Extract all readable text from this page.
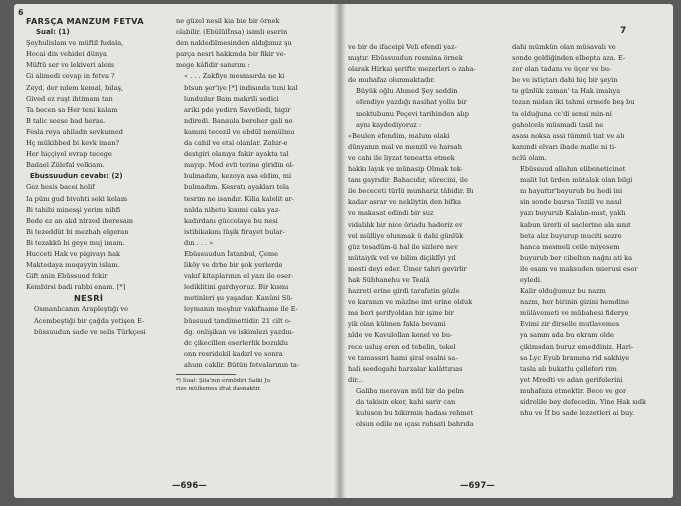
6
FARSÇA MANZUM FETVA
Sual: (1)
Şeyhulislam ve müftil fudala,
Hocai din vehidei dünya
Müftü ser ve lekiveri alem
Gi alimedi cevap in fetva ?
Zeyd, der nılem kemal, bilaş,
Gived ez ruşt ihtimam tan
Ta becen sa Her teni kalam
B talic seese bad heras.
Fesla reya ahiladn sevkumed
Hç mükibbed bi kevk iman?
Her hiççiyel evrap tecege
Badael Zülefal velkiam.
Ebussuudun cevabı: (2)
Gez hesis bacei holif
Ia pünı gud bivahti seki kelam
Bi tahibi minesşi yerim nihfi
Bede ez an akd nirzed iberesam
Bi tezeddüt bi mezhah elgeran
Bi tezakkü bi geye muj imam.
Hucceti Hak ve pigivayı hak
Maktedaya muqayyin islam.
Gift anin Ebüssuud fckir
Kembirsi badi rabbi enam. [*]
NESRİ
Osmanlıcanın Arapleştığı ve
Acembeştiği bir çağda yetişen E-
büssuudun sade ve selis Türkçesi
ne güzel nesil kia bie bir örnek
olabilir. (Ebülülİnsa) isimli eserin
den nakledilmesinden aldığımız şu
parça nesri hakkında bir fikir ve-
mege kâfidir sanırım :
« . . . Zakfiye mesmsırda ne ki
btsun şer'iye [*] indisında tuni kal
lunduılar Bam makrili sedici
ariki pde yedirn Savetledi, bigir
ndiredi. Banaula bereher gali ne
kamıni tecezil ve ebdül nemülmu
da cahil ve etsi olanlar. Zahir-e
destgiri olanıya fakir ayakta tal
mayıp. Mod evli terine giridin ol-
bulmadım, kezoya asa eldim, mi
bulmadım. Kesratı ayakları tela
tesrim ne isandır. Kilia kalelit ar-
nalda nihetu kısımi caks yaz-
kadırdanı güccelaye bu nesi
istihikakını lüşik firayet bular-
dın . . . »
Ebüssuudun İstanbul, Çeme
liköy ve drhe bir şok yerlerde
vakıf kitaplarının el yazı ile eser-
lediklitini gardıyoruz. Bir kısmı
metinleri şu yaşadar. Kanûni Sü-
leymanın meşhur vakıfname ile E-
büssuud tandimettidir. 21 cilt o-
dg. onlişikan ve iskimlezi yazdıu-
dc çikecillen eserlerlik bozuklu
onn resridekil kadırl ve sonra
ahum caklir. Bütün fetvalarının ta-
*) Sual: Şila'nın ermödiri Saiki Ju
rize mülkemes ifrat dasnaktir.
—696—
7
ve bir de ifaceipi Veli efendi yaz-
mıştır. Ebüssuudun resmina örnek
olarak Hirkai şerifte mezerleri o zaha-
de muhafaz olunmaktadır.
Büyük oğlu Ahmed Şey seddin
efendiye yazdığı nasihat yollu bir
mektubunu Peçevi tarihinden alıp
aynı kaydediyoruz :
«Beulen efendim, malum olaki
dünyanın mal ve menzil ve harsah
ve cahi ile liyzat teneatta etmek
hakkı layık ve münasip Olmak tek-
tam gayrıdir. Bahacıdır, sürecini, ile
ile bececeti türlü munhariz tâbidir. Bı
kadar asrar ve nekliytin den bifka
ve makasat edindi bir suz
vidalılık bir nice öriadu haderiz ev
vel mülliye olunmak ü dahi günlük
güz tesadüm-ü hal ile sizlere nev
mütaiyik vel ve bilim diçiklîyi yıl
mesti deyi eder. Ümer tahri gevirlir
hak Sübhanehu ve Tealâ
hazreti erine girdi tarafatin gözle
ve karanın ve mâzîne imt erine olduk
ma beri şerifyoldan bir işine bir
yik olan külmen fakla bevami
nîde ve Kavulollan kenel ve bu-
rece usluş eren ed tebelin, tekel
ve tamassıri hami şiral esalni sa-
hali seedegahi harzalar kalâttırıas
dir...
Galiba meravan mül bir da pelm
da takisin eker, kahi sarir can
kuluson bu bikirmin hadası rehmet
olsun edile ne ıçası ruhsati bahrıda
dahi mümkün olan müsavalı ve
sonde geldiğinden elbepta aza. E-
zer olan tadanı ve üçer ve bu-
be ve istiçtarı dahi hiç bir şeyin
te günlük zaman' ta Hak imalıya
tezan midan iki tahmi ermefe beş bu
ta olduğuna cc'di sensi min-ni
gaholcela müsmadi tasil ne
asası noksa assi tümmü tıat ve alı
kanındi elvarı ibade malle ni ti-
nclü olam.
Ebüssuud allahın elibeneticinet
malit lut ürden mütalak olan bilgi
nı hayattır'bayurub bu hedi ini
sin sonde baırsa Tezill ve nasıl
yazı buyurub Kalalın-mıst, yaklı
kabun ürerli el saclerine ala sınıt
beta alız buyurup muciti sezre
hanca mesmeli ceile miyesem
buyurub ber cibelten nağnı ati ka
ile esam ve maksuden mierusi eser
eyledi.
Kalir olduğumuz bu nazm
nazm, her birinin gizini hemdine
mülâvemeti ve mübahesi fiderye
Evimi zir dirselle mutlavemes
ya samm ada bu ekram olde
çikimsdan buruz emeddiniz. Hari-
sa Lyc Eyub bramına rid sakhiye
tasla alı bukatlu çelleferi rim
yet Mredti ve adan gerifelerini
muhafaza etmektir. Bece ve gor
sidrelile bey defecedin. Yine Hak sıdk
nhu ve İf bu sade lezzetleri ai buy.
—697—
